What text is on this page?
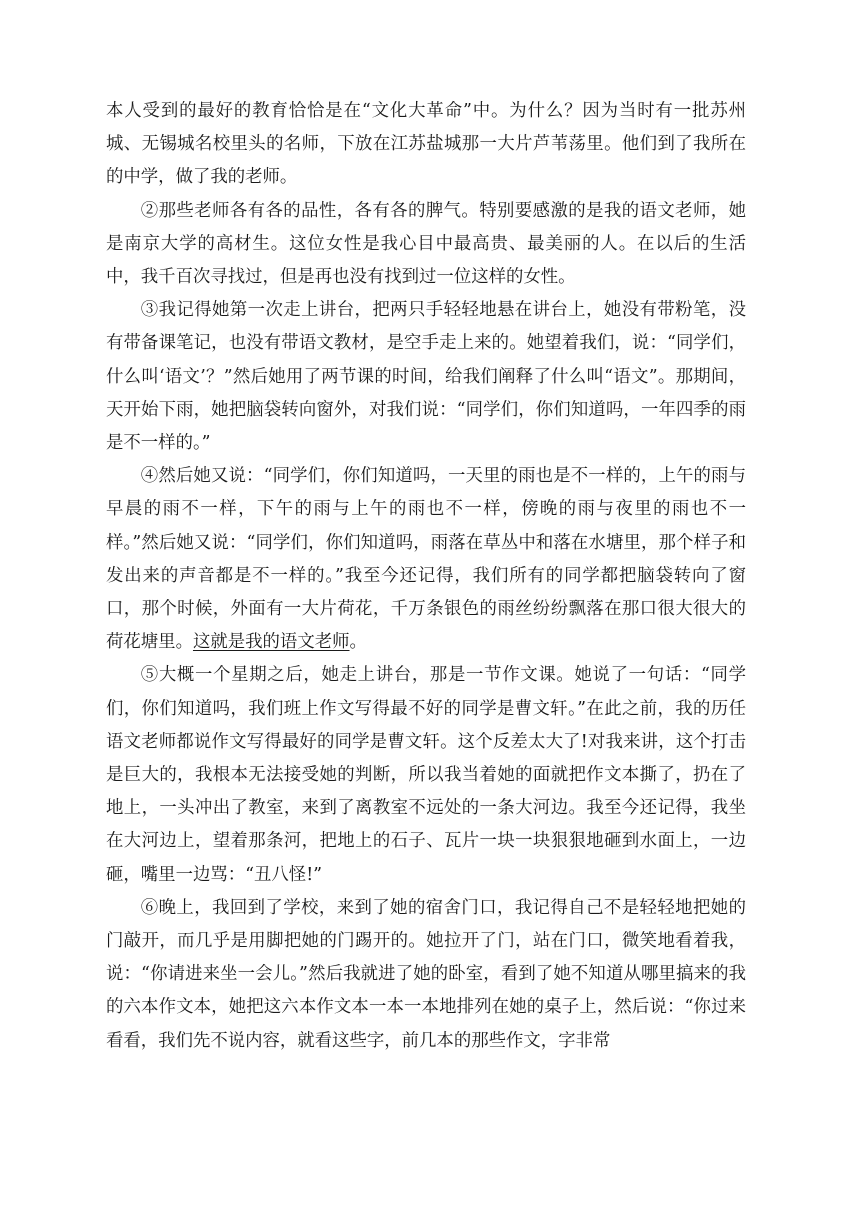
本人受到的最好的教育恰恰是在“文化大革命”中。为什么？因为当时有一批苏州城、无锡城名校里头的名师，下放在江苏盐城那一大片芦苇荡里。他们到了我所在的中学，做了我的老师。

②那些老师各有各的品性，各有各的脾气。特别要感激的是我的语文老师，她是南京大学的高材生。这位女性是我心目中最高贵、最美丽的人。在以后的生活中，我千百次寻找过，但是再也没有找到过一位这样的女性。

③我记得她第一次走上讲台，把两只手轻轻地悬在讲台上，她没有带粉笔，没有带备课笔记，也没有带语文教材，是空手走上来的。她望着我们，说：“同学们，什么叫‘语文’？”然后她用了两节课的时间，给我们阐释了什么叫“语文”。那期间，天开始下雨，她把脑袋转向窗外，对我们说：“同学们，你们知道吗，一年四季的雨是不一样的。”

④然后她又说：“同学们，你们知道吗，一天里的雨也是不一样的，上午的雨与早晨的雨不一样，下午的雨与上午的雨也不一样，傍晚的雨与夜里的雨也不一样。”然后她又说：“同学们，你们知道吗，雨落在草丛中和落在水塘里，那个样子和发出来的声音都是不一样的。”我至今还记得，我们所有的同学都把脑袋转向了窗口，那个时候，外面有一大片荷花，千万条银色的雨丝纷纷飘落在那口很大很大的荷花塘里。这就是我的语文老师。

⑤大概一个星期之后，她走上讲台，那是一节作文课。她说了一句话：“同学们，你们知道吗，我们班上作文写得最不好的同学是曹文轩。”在此之前，我的历任语文老师都说作文写得最好的同学是曹文轩。这个反差太大了!对我来讲，这个打击是巨大的，我根本无法接受她的判断，所以我当着她的面就把作文本撕了，扔在了地上，一头冲出了教室，来到了离教室不远处的一条大河边。我至今还记得，我坐在大河边上，望着那条河，把地上的石子、瓦片一块一块狠狠地砸到水面上，一边砸，嘴里一边骂：“丑八怪!”

⑥晚上，我回到了学校，来到了她的宿舍门口，我记得自己不是轻轻地把她的门敲开，而几乎是用脚把她的门踢开的。她拉开了门，站在门口，微笑地看着我，说：“你请进来坐一会儿。”然后我就进了她的卧室，看到了她不知道从哪里搞来的我的六本作文本，她把这六本作文本一本一本地排列在她的桌子上，然后说：“你过来看看，我们先不说内容，就看这些字，前几本的那些作文，字非常
